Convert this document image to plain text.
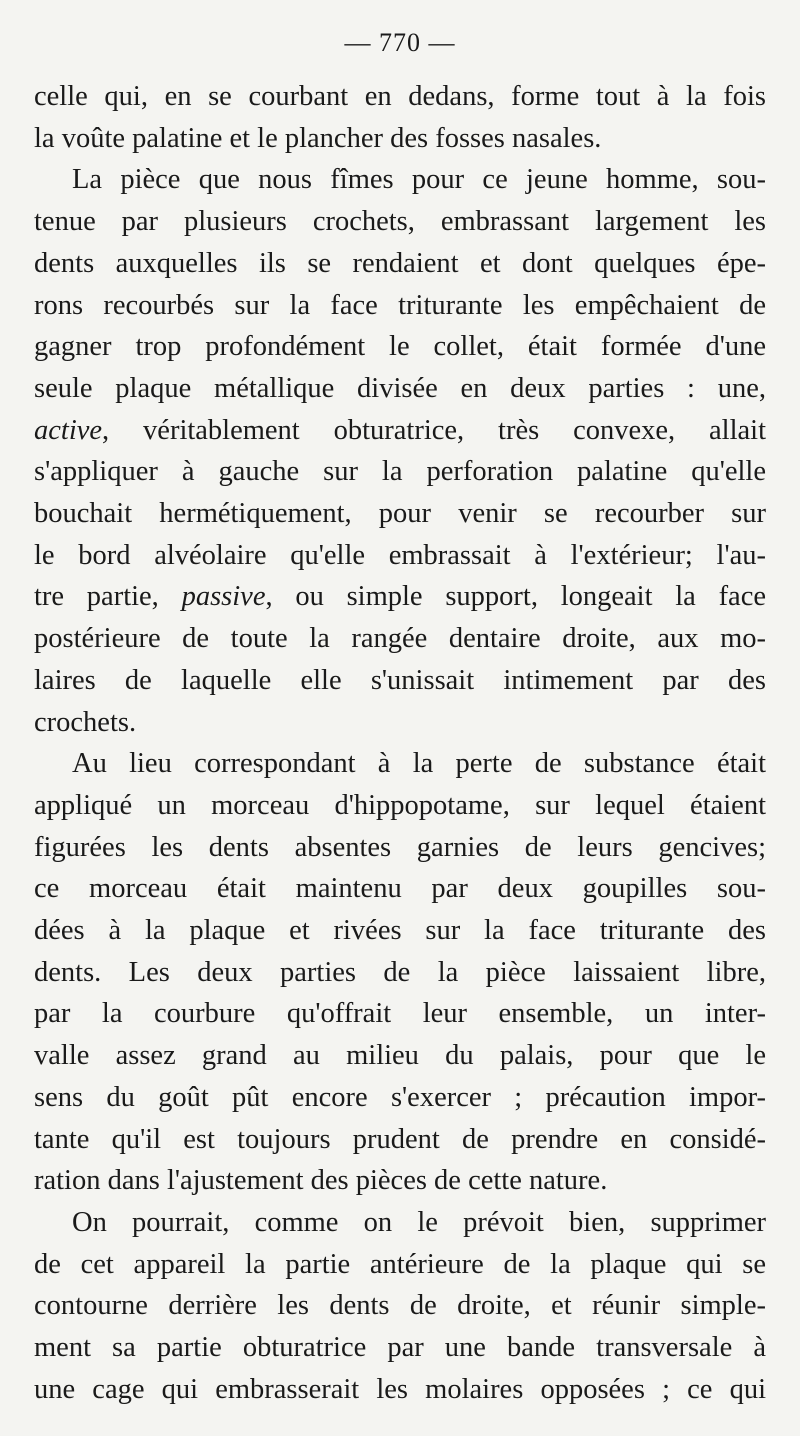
— 770 —
celle qui, en se courbant en dedans, forme tout à la fois
la voûte palatine et le plancher des fosses nasales.
La pièce que nous fîmes pour ce jeune homme, sou-
tenue par plusieurs crochets, embrassant largement les
dents auxquelles ils se rendaient et dont quelques épe-
rons recourbés sur la face triturante les empêchaient de
gagner trop profondément le collet, était formée d'une
seule plaque métallique divisée en deux parties : une,
active, véritablement obturatrice, très convexe, allait
s'appliquer à gauche sur la perforation palatine qu'elle
bouchait hermétiquement, pour venir se recourber sur
le bord alvéolaire qu'elle embrassait à l'extérieur; l'au-
tre partie, passive, ou simple support, longeait la face
postérieure de toute la rangée dentaire droite, aux mo-
laires de laquelle elle s'unissait intimement par des
crochets.
Au lieu correspondant à la perte de substance était
appliqué un morceau d'hippopotame, sur lequel étaient
figurées les dents absentes garnies de leurs gencives;
ce morceau était maintenu par deux goupilles sou-
dées à la plaque et rivées sur la face triturante des
dents. Les deux parties de la pièce laissaient libre,
par la courbure qu'offrait leur ensemble, un inter-
valle assez grand au milieu du palais, pour que le
sens du goût pût encore s'exercer ; précaution impor-
tante qu'il est toujours prudent de prendre en considé-
ration dans l'ajustement des pièces de cette nature.
On pourrait, comme on le prévoit bien, supprimer
de cet appareil la partie antérieure de la plaque qui se
contourne derrière les dents de droite, et réunir simple-
ment sa partie obturatrice par une bande transversale à
une cage qui embrasserait les molaires opposées ; ce qui
